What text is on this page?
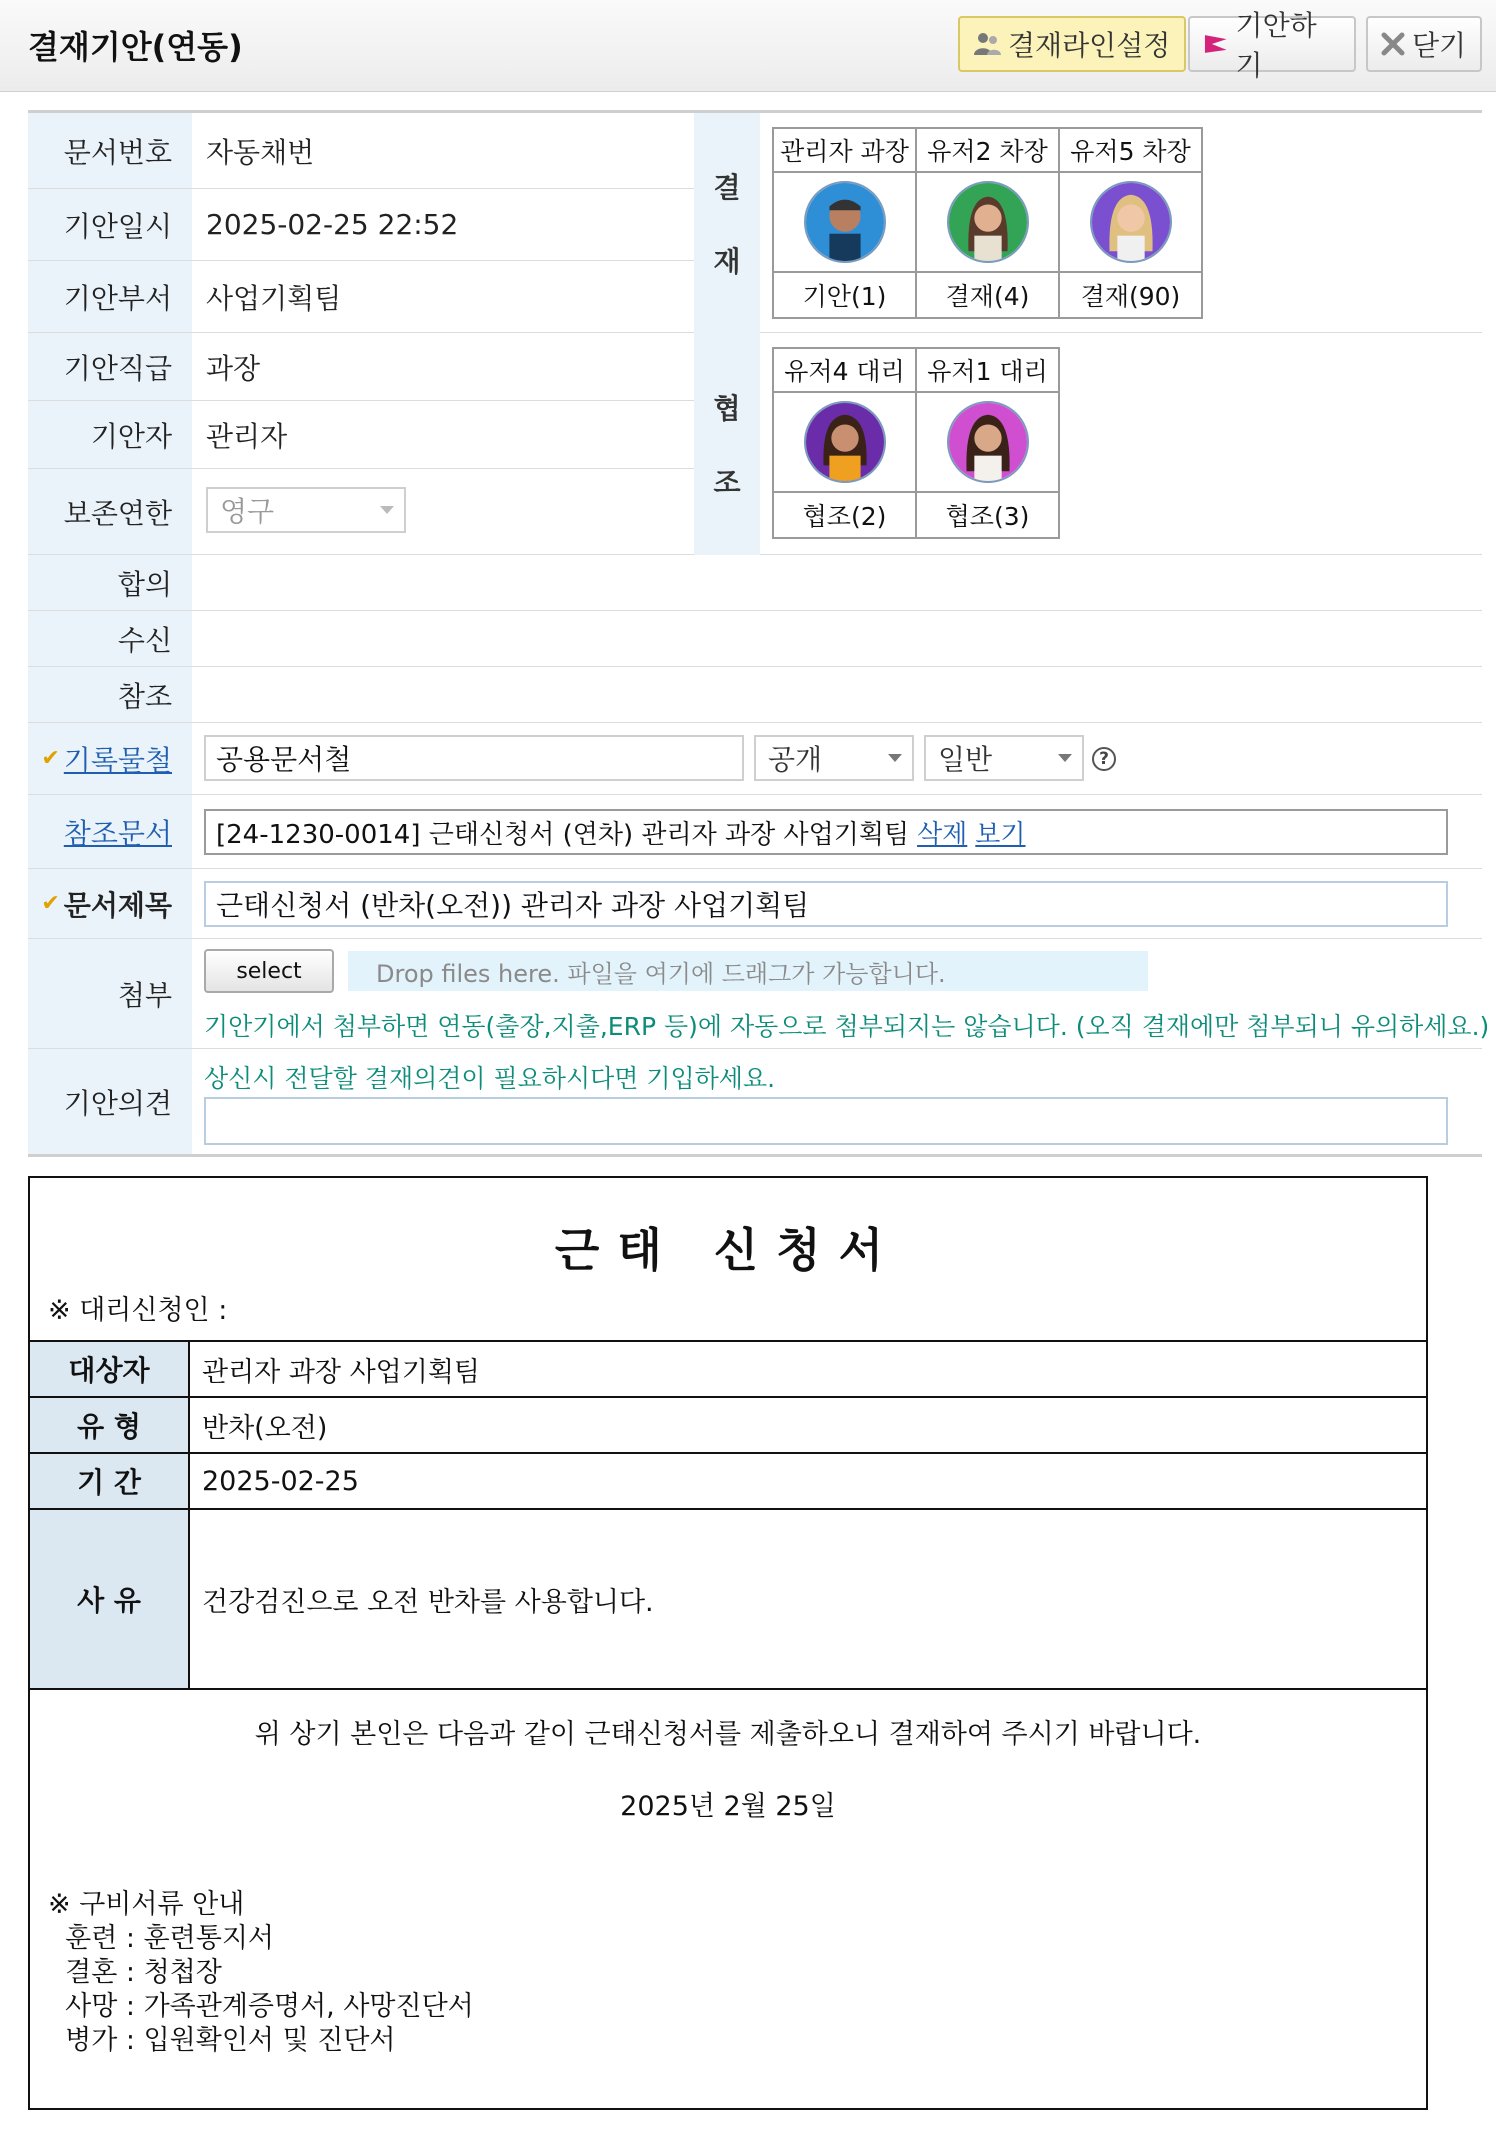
결재기안(연동)	결재라인설정
기안하기
닫기
문서번호	자동채번
기안일시	2025-02-25 22:52
기안부서	사업기획팀
기안직급	과장
기안자	관리자
보존연한	영구
결
재
관리자 과장	유저2 차장	유저5 차장

기안(1)	결재(4)	결재(90)
협
조
유저4 대리	유저1 대리

협조(2)	협조(3)
합의
수신
참조
✔ 기록물철 공용문서철	공개	일반	?
참조문서 [24-1230-0014] 근태신청서 (연차) 관리자 과장 사업기획팀 삭제 보기
✔ 문서제목 근태신청서 (반차(오전)) 관리자 과장 사업기획팀
첨부
select	Drop files here. 파일을 여기에 드래그가 가능합니다.
기안기에서 첨부하면 연동(출장,지출,ERP 등)에 자동으로 첨부되지는 않습니다. (오직 결재에만 첨부되니 유의하세요.)
기안의견
상신시 전달할 결재의견이 필요하시다면 기입하세요.
근태 신청서
※ 대리신청인 :
대상자	관리자 과장 사업기획팀
유 형	반차(오전)
기 간	2025-02-25
사 유	건강검진으로 오전 반차를 사용합니다.
위 상기 본인은 다음과 같이 근태신청서를 제출하오니 결재하여 주시기 바랍니다.
2025년 2월 25일
※ 구비서류 안내
훈련 : 훈련통지서
결혼 : 청첩장
사망 : 가족관계증명서, 사망진단서
병가 : 입원확인서 및 진단서
